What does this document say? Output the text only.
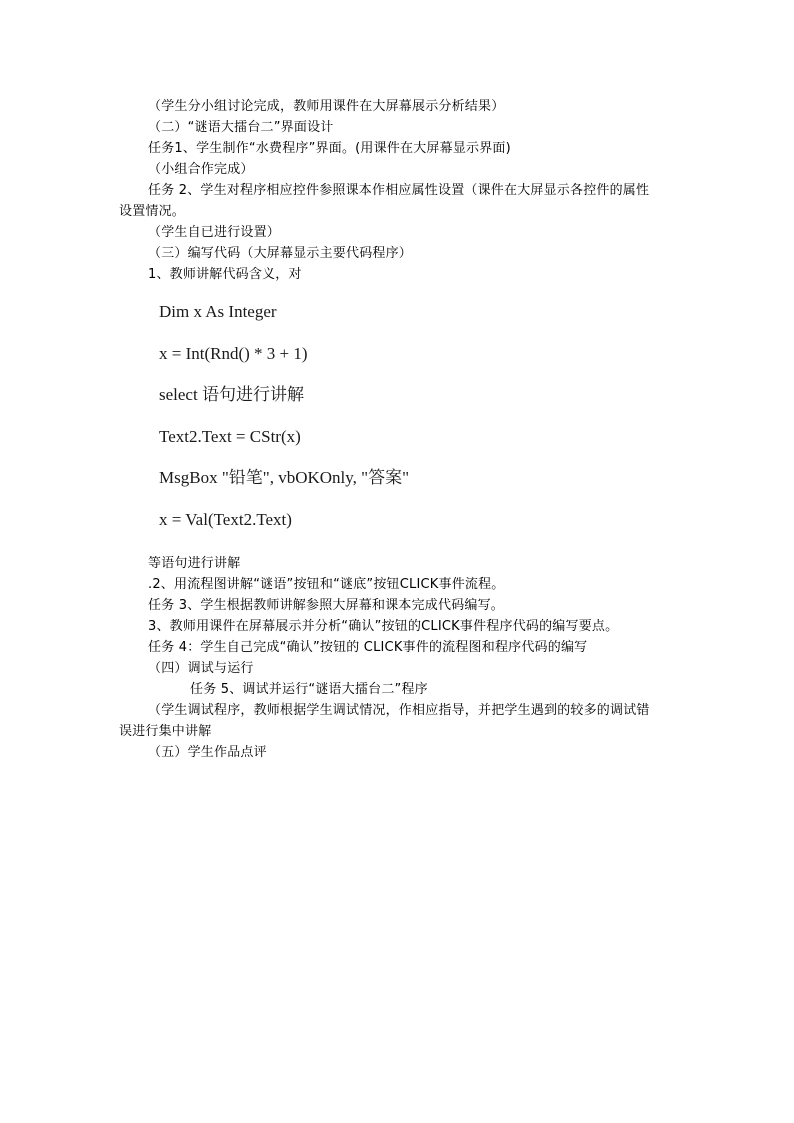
（学生分小组讨论完成，教师用课件在大屏幕展示分析结果）
（二）“谜语大擂台二”界面设计
任务1、学生制作“水费程序”界面。(用课件在大屏幕显示界面)
（小组合作完成）
任务 2、学生对程序相应控件参照课本作相应属性设置（课件在大屏显示各控件的属性
设置情况。
（学生自已进行设置）
（三）编写代码（大屏幕显示主要代码程序）
1、教师讲解代码含义，对
Dim x As Integer
x = Int(Rnd() * 3 + 1)
select 语句进行讲解
Text2.Text = CStr(x)
MsgBox "铅笔", vbOKOnly, "答案"
x = Val(Text2.Text)
等语句进行讲解
.2、用流程图讲解“谜语”按钮和“谜底”按钮CLICK事件流程。
任务 3、学生根据教师讲解参照大屏幕和课本完成代码编写。
3、教师用课件在屏幕展示并分析“确认”按钮的CLICK事件程序代码的编写要点。
任务 4：学生自己完成“确认”按钮的 CLICK事件的流程图和程序代码的编写
（四）调试与运行
任务 5、调试并运行“谜语大擂台二”程序
（学生调试程序，教师根据学生调试情况，作相应指导，并把学生遇到的较多的调试错
误进行集中讲解
（五）学生作品点评
